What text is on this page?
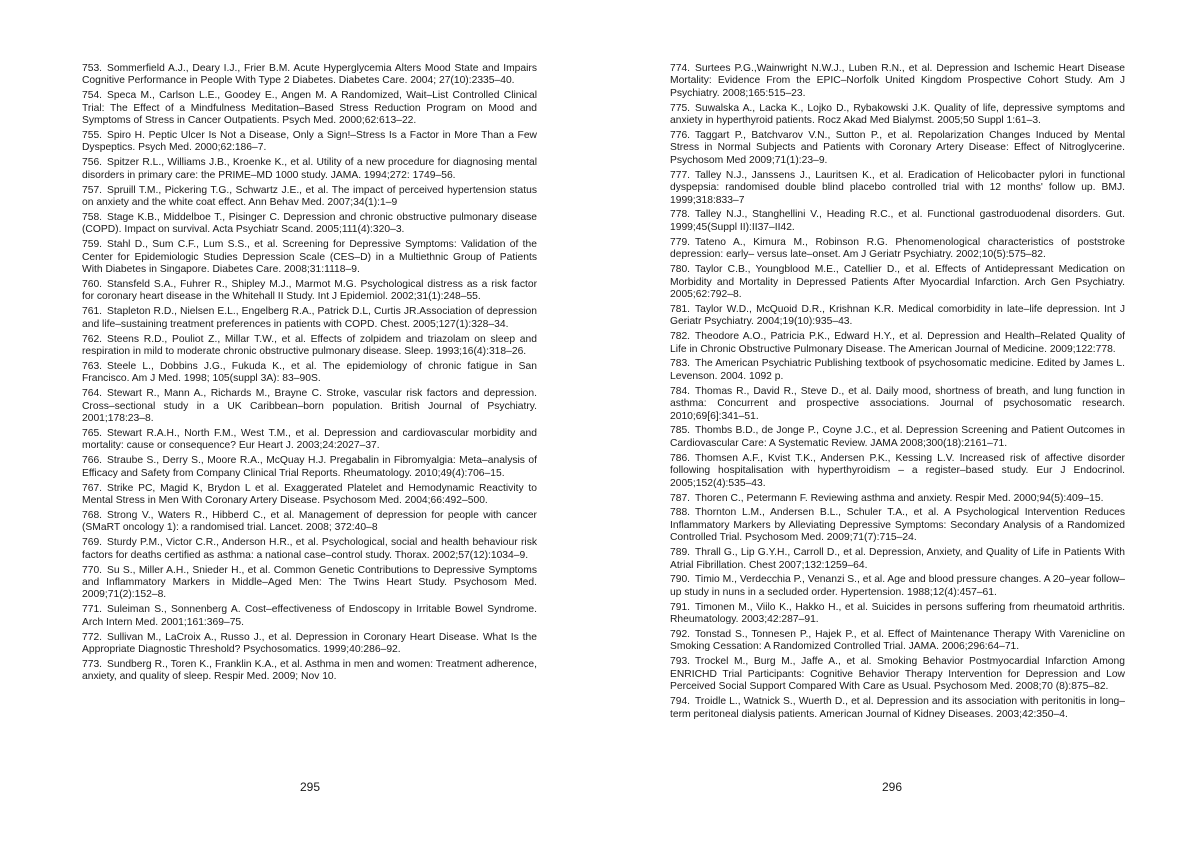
753. Sommerfield A.J., Deary I.J., Frier B.M. Acute Hyperglycemia Alters Mood State and Impairs Cognitive Performance in People With Type 2 Diabetes. Diabetes Care. 2004; 27(10):2335–40.
754. Speca M., Carlson L.E., Goodey E., Angen M. A Randomized, Wait–List Controlled Clinical Trial: The Effect of a Mindfulness Meditation–Based Stress Reduction Program on Mood and Symptoms of Stress in Cancer Outpatients. Psych Med. 2000;62:613–22.
755. Spiro H. Peptic Ulcer Is Not a Disease, Only a Sign!–Stress Is a Factor in More Than a Few Dyspeptics. Psych Med. 2000;62:186–7.
756. Spitzer R.L., Williams J.B., Kroenke K., et al. Utility of a new procedure for diagnosing mental disorders in primary care: the PRIME–MD 1000 study. JAMA. 1994;272: 1749–56.
757. Spruill T.M., Pickering T.G., Schwartz J.E., et al. The impact of perceived hypertension status on anxiety and the white coat effect. Ann Behav Med. 2007;34(1):1–9
758. Stage K.B., Middelboe T., Pisinger C. Depression and chronic obstructive pulmonary disease (COPD). Impact on survival. Acta Psychiatr Scand. 2005;111(4):320–3.
759. Stahl D., Sum C.F., Lum S.S., et al. Screening for Depressive Symptoms: Validation of the Center for Epidemiologic Studies Depression Scale (CES–D) in a Multiethnic Group of Patients With Diabetes in Singapore. Diabetes Care. 2008;31:1118–9.
760. Stansfeld S.A., Fuhrer R., Shipley M.J., Marmot M.G. Psychological distress as a risk factor for coronary heart disease in the Whitehall II Study. Int J Epidemiol. 2002;31(1):248–55.
761. Stapleton R.D., Nielsen E.L., Engelberg R.A., Patrick D.L, Curtis JR.Association of depression and life–sustaining treatment preferences in patients with COPD. Chest. 2005;127(1):328–34.
762. Steens R.D., Pouliot Z., Millar T.W., et al. Effects of zolpidem and triazolam on sleep and respiration in mild to moderate chronic obstructive pulmonary disease. Sleep. 1993;16(4):318–26.
763. Steele L., Dobbins J.G., Fukuda K., et al. The epidemiology of chronic fatigue in San Francisco. Am J Med. 1998; 105(suppl 3A): 83–90S.
764. Stewart R., Mann A., Richards M., Brayne C. Stroke, vascular risk factors and depression. Cross–sectional study in a UK Caribbean–born population. British Journal of Psychiatry. 2001;178:23–8.
765. Stewart R.A.H., North F.M., West T.M., et al. Depression and cardiovascular morbidity and mortality: cause or consequence? Eur Heart J. 2003;24:2027–37.
766. Straube S., Derry S., Moore R.A., McQuay H.J. Pregabalin in Fibromyalgia: Meta–analysis of Efficacy and Safety from Company Clinical Trial Reports. Rheumatology. 2010;49(4):706–15.
767. Strike PC, Magid K, Brydon L et al. Exaggerated Platelet and Hemodynamic Reactivity to Mental Stress in Men With Coronary Artery Disease. Psychosom Med. 2004;66:492–500.
768. Strong V., Waters R., Hibberd C., et al. Management of depression for people with cancer (SMaRT oncology 1): a randomised trial. Lancet. 2008; 372:40–8
769. Sturdy P.M., Victor C.R., Anderson H.R., et al. Psychological, social and health behaviour risk factors for deaths certified as asthma: a national case–control study. Thorax. 2002;57(12):1034–9.
770. Su S., Miller A.H., Snieder H., et al. Common Genetic Contributions to Depressive Symptoms and Inflammatory Markers in Middle–Aged Men: The Twins Heart Study. Psychosom Med. 2009;71(2):152–8.
771. Suleiman S., Sonnenberg A. Cost–effectiveness of Endoscopy in Irritable Bowel Syndrome. Arch Intern Med. 2001;161:369–75.
772. Sullivan M., LaCroix A., Russo J., et al. Depression in Coronary Heart Disease. What Is the Appropriate Diagnostic Threshold? Psychosomatics. 1999;40:286–92.
773. Sundberg R., Toren K., Franklin K.A., et al. Asthma in men and women: Treatment adherence, anxiety, and quality of sleep. Respir Med. 2009; Nov 10.
295
774. Surtees P.G.,Wainwright N.W.J., Luben R.N., et al. Depression and Ischemic Heart Disease Mortality: Evidence From the EPIC–Norfolk United Kingdom Prospective Cohort Study. Am J Psychiatry. 2008;165:515–23.
775. Suwalska A., Lacka K., Lojko D., Rybakowski J.K. Quality of life, depressive symptoms and anxiety in hyperthyroid patients. Rocz Akad Med Bialymst. 2005;50 Suppl 1:61–3.
776. Taggart P., Batchvarov V.N., Sutton P., et al. Repolarization Changes Induced by Mental Stress in Normal Subjects and Patients with Coronary Artery Disease: Effect of Nitroglycerine. Psychosom Med 2009;71(1):23–9.
777. Talley N.J., Janssens J., Lauritsen K., et al. Eradication of Helicobacter pylori in functional dyspepsia: randomised double blind placebo controlled trial with 12 months' follow up. BMJ. 1999;318:833–7
778. Talley N.J., Stanghellini V., Heading R.C., et al. Functional gastroduodenal disorders. Gut. 1999;45(Suppl II):II37–II42.
779. Tateno A., Kimura M., Robinson R.G. Phenomenological characteristics of poststroke depression: early– versus late–onset. Am J Geriatr Psychiatry. 2002;10(5):575–82.
780. Taylor C.B., Youngblood M.E., Catellier D., et al. Effects of Antidepressant Medication on Morbidity and Mortality in Depressed Patients After Myocardial Infarction. Arch Gen Psychiatry. 2005;62:792–8.
781. Taylor W.D., McQuoid D.R., Krishnan K.R. Medical comorbidity in late–life depression. Int J Geriatr Psychiatry. 2004;19(10):935–43.
782. Theodore A.O., Patricia P.K., Edward H.Y., et al. Depression and Health–Related Quality of Life in Chronic Obstructive Pulmonary Disease. The American Journal of Medicine. 2009;122:778.
783. The American Psychiatric Publishing textbook of psychosomatic medicine. Edited by James L. Levenson. 2004. 1092 p.
784. Thomas R., David R., Steve D., et al. Daily mood, shortness of breath, and lung function in asthma: Concurrent and prospective associations. Journal of psychosomatic research. 2010;69[6]:341–51.
785. Thombs B.D., de Jonge P., Coyne J.C., et al. Depression Screening and Patient Outcomes in Cardiovascular Care: A Systematic Review. JAMA 2008;300(18):2161–71.
786. Thomsen A.F., Kvist T.K., Andersen P.K., Kessing L.V. Increased risk of affective disorder following hospitalisation with hyperthyroidism – a register–based study. Eur J Endocrinol. 2005;152(4):535–43.
787. Thoren C., Petermann F. Reviewing asthma and anxiety. Respir Med. 2000;94(5):409–15.
788. Thornton L.M., Andersen B.L., Schuler T.A., et al. A Psychological Intervention Reduces Inflammatory Markers by Alleviating Depressive Symptoms: Secondary Analysis of a Randomized Controlled Trial. Psychosom Med. 2009;71(7):715–24.
789. Thrall G., Lip G.Y.H., Carroll D., et al. Depression, Anxiety, and Quality of Life in Patients With Atrial Fibrillation. Chest 2007;132:1259–64.
790. Timio M., Verdecchia P., Venanzi S., et al. Age and blood pressure changes. A 20–year follow–up study in nuns in a secluded order. Hypertension. 1988;12(4):457–61.
791. Timonen M., Viilo K., Hakko H., et al. Suicides in persons suffering from rheumatoid arthritis. Rheumatology. 2003;42:287–91.
792. Tonstad S., Tonnesen P., Hajek P., et al. Effect of Maintenance Therapy With Varenicline on Smoking Cessation: A Randomized Controlled Trial. JAMA. 2006;296:64–71.
793. Trockel M., Burg M., Jaffe A., et al. Smoking Behavior Postmyocardial Infarction Among ENRICHD Trial Participants: Cognitive Behavior Therapy Intervention for Depression and Low Perceived Social Support Compared With Care as Usual. Psychosom Med. 2008;70 (8):875–82.
794. Troidle L., Watnick S., Wuerth D., et al. Depression and its association with peritonitis in long–term peritoneal dialysis patients. American Journal of Kidney Diseases. 2003;42:350–4.
296
